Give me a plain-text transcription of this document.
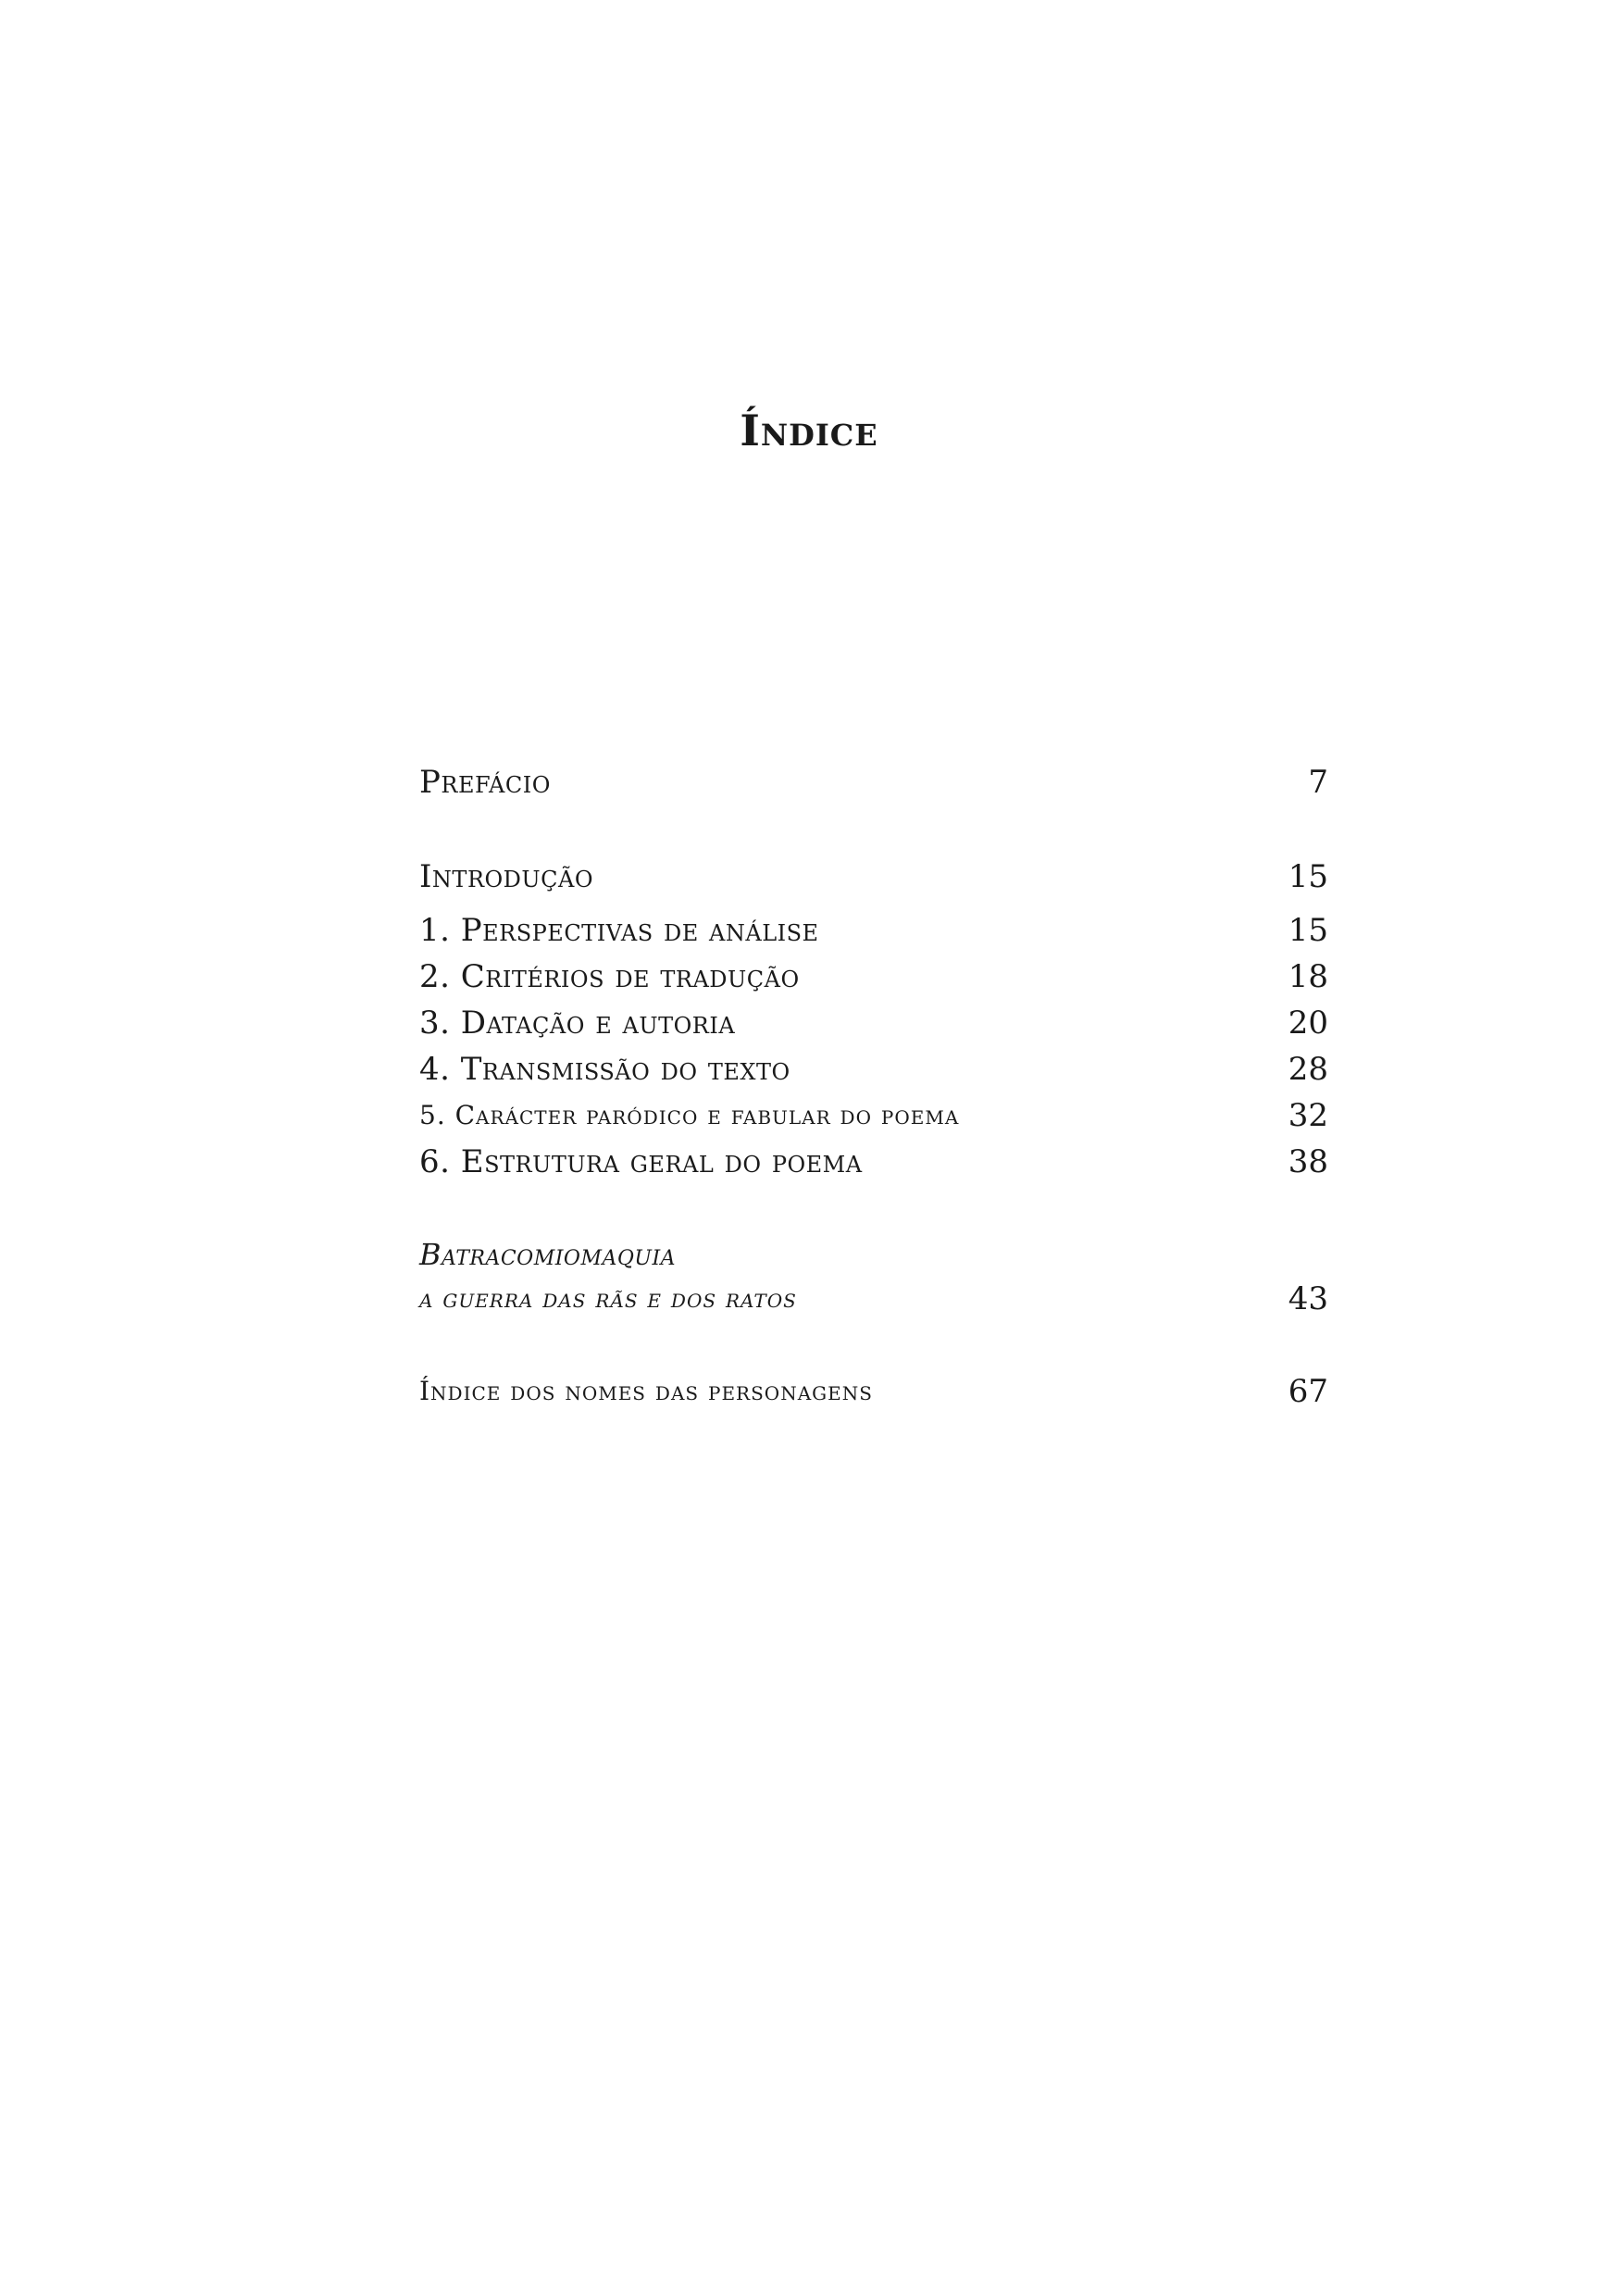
Índice
Prefácio	7
Introdução	15
1. Perspectivas de análise	15
2. Critérios de tradução	18
3. Datação e autoria	20
4. Transmissão do texto	28
5. Carácter paródico e fabular do poema	32
6. Estrutura geral do poema	38
Batracomiomaquia
a guerra das rãs e dos ratos	43
Índice dos nomes das personagens	67
